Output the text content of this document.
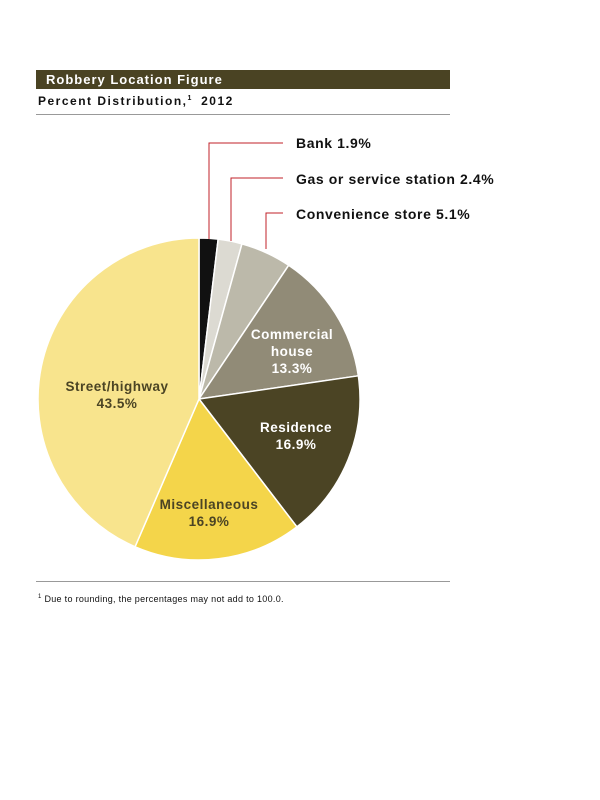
Robbery Location Figure
Percent Distribution,$^1$ 2012
Commercial house 13.3%
Residence 16.9%
Miscellaneous 16.9%
Street/highway 43.5%
Bank 1.9%
Gas or service station 2.4%
Convenience store 5.1%
$^1$ Due to rounding, the percentages may not add to 100.0.
